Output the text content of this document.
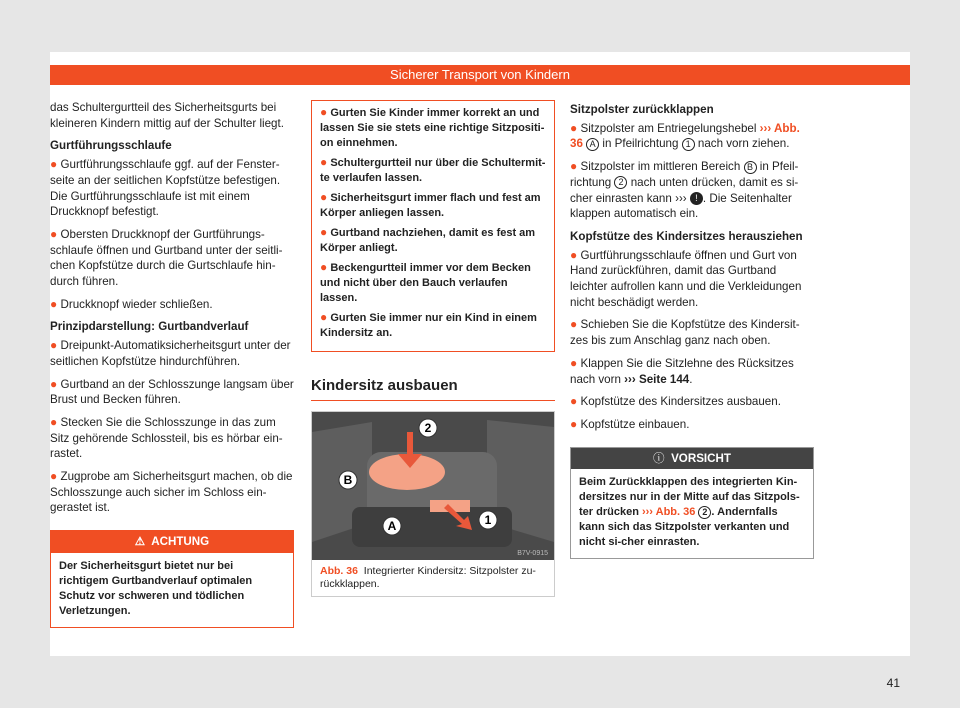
Sicherer Transport von Kindern

das Schultergurtteil des Sicherheitsgurts bei kleineren Kindern mittig auf der Schulter liegt.

Gurtführungsschlaufe

● Gurtführungsschlaufe ggf. auf der Fenster-seite an der seitlichen Kopfstütze befestigen. Die Gurtführungsschlaufe ist mit einem Druckknopf befestigt.

● Obersten Druckknopf der Gurtführungs-schlaufe öffnen und Gurtband unter der seitli-chen Kopfstütze durch die Gurtschlaufe hin-durch führen.

● Druckknopf wieder schließen.

Prinzipdarstellung: Gurtbandverlauf

● Dreipunkt-Automatiksicherheitsgurt unter der seitlichen Kopfstütze hindurchführen.

● Gurtband an der Schlosszunge langsam über Brust und Becken führen.

● Stecken Sie die Schlosszunge in das zum Sitz gehörende Schlossteil, bis es hörbar ein-rastet.

● Zugprobe am Sicherheitsgurt machen, ob die Schlosszunge auch sicher im Schloss ein-gerastet ist.

⚠ ACHTUNG
Der Sicherheitsgurt bietet nur bei richtigem Gurtbandverlauf optimalen Schutz vor schweren und tödlichen Verletzungen.

● Gurten Sie Kinder immer korrekt an und lassen Sie sie stets eine richtige Sitzpositi-on einnehmen.

● Schultergurtteil nur über die Schultermit-te verlaufen lassen.

● Sicherheitsgurt immer flach und fest am Körper anliegen lassen.

● Gurtband nachziehen, damit es fest am Körper anliegt.

● Beckengurtteil immer vor dem Becken und nicht über den Bauch verlaufen lassen.

● Gurten Sie immer nur ein Kind in einem Kindersitz an.

Kindersitz ausbauen
2
B
A	1
B7V-0915
Abb. 36 Integrierter Kindersitz: Sitzpolster zu-rückklappen.
Sitzpolster zurückklappen

● Sitzpolster am Entriegelungshebel ››› Abb. 36 A in Pfeilrichtung 1 nach vorn ziehen.

● Sitzpolster im mittleren Bereich B in Pfeil-richtung 2 nach unten drücken, damit es si-cher einrasten kann ››› ! . Die Seitenhalter klappen automatisch ein.

Kopfstütze des Kindersitzes herausziehen

● Gurtführungsschlaufe öffnen und Gurt von Hand zurückführen, damit das Gurtband leichter aufrollen kann und die Verkleidungen nicht beschädigt werden.

● Schieben Sie die Kopfstütze des Kindersit-zes bis zum Anschlag ganz nach oben.

● Klappen Sie die Sitzlehne des Rücksitzes nach vorn ››› Seite 144.

● Kopfstütze des Kindersitzes ausbauen.

● Kopfstütze einbauen.

ⓘ VORSICHT
Beim Zurückklappen des integrierten Kin-dersitzes nur in der Mitte auf das Sitzpols-ter drücken ››› Abb. 36 2 . Andernfalls kann sich das Sitzpolster verkanten und nicht si-cher einrasten.
41
